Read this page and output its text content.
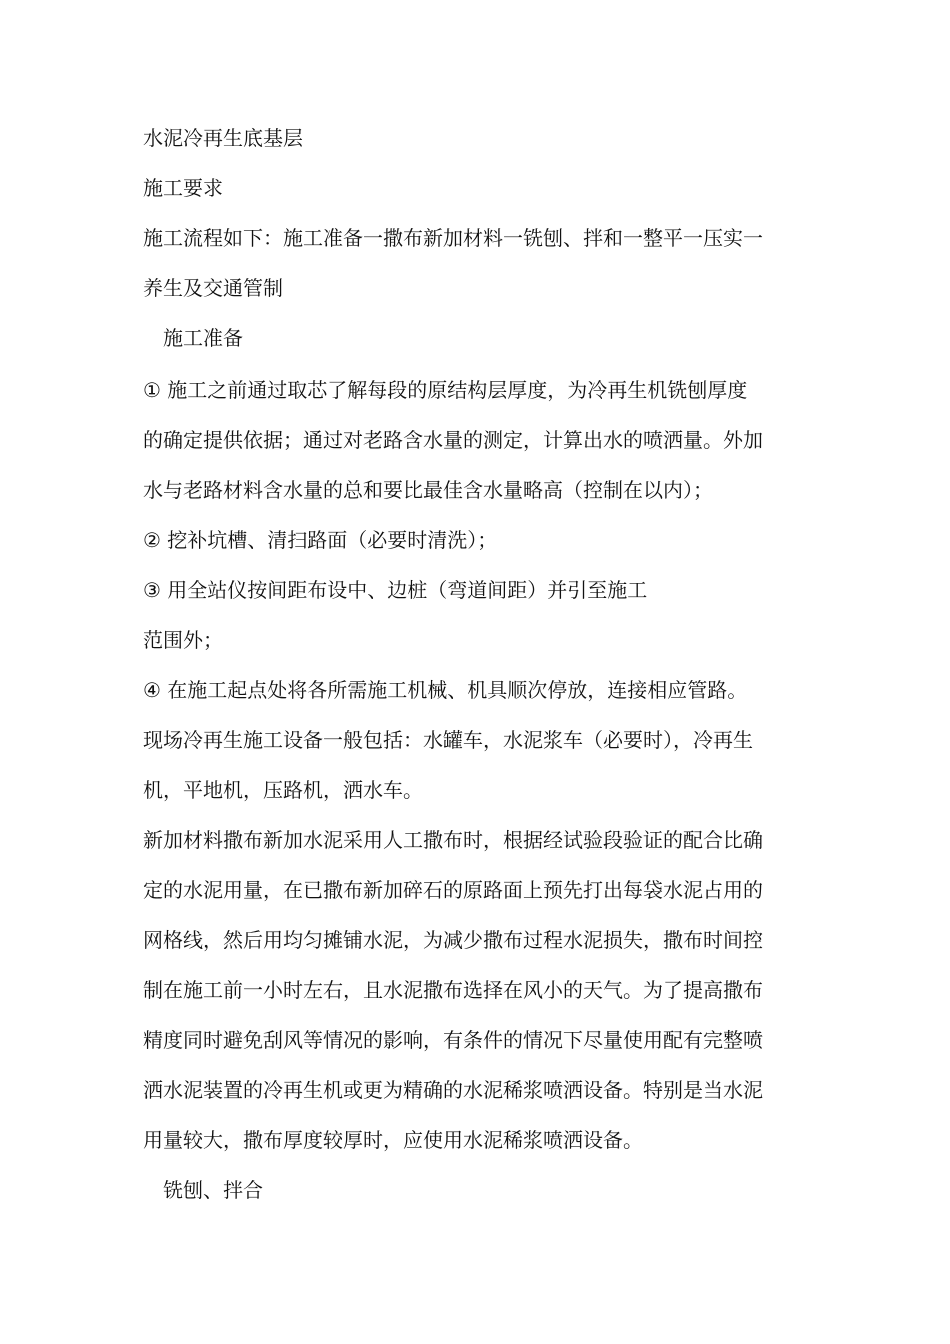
水泥冷再生底基层
施工要求
施工流程如下：施工准备一撒布新加材料一铣刨、拌和一整平一压实一
养生及交通管制
施工准备
① 施工之前通过取芯了解每段的原结构层厚度，为冷再生机铣刨厚度
的确定提供依据；通过对老路含水量的测定，计算出水的喷洒量。外加
水与老路材料含水量的总和要比最佳含水量略高（控制在以内）；
② 挖补坑槽、清扫路面（必要时清洗）；
③ 用全站仪按间距布设中、边桩（弯道间距）并引至施工
范围外；
④ 在施工起点处将各所需施工机械、机具顺次停放，连接相应管路。
现场冷再生施工设备一般包括：水罐车，水泥浆车（必要时），冷再生
机，平地机，压路机，洒水车。
新加材料撒布新加水泥采用人工撒布时，根据经试验段验证的配合比确
定的水泥用量，在已撒布新加碎石的原路面上预先打出每袋水泥占用的
网格线，然后用均匀摊铺水泥，为减少撒布过程水泥损失，撒布时间控
制在施工前一小时左右，且水泥撒布选择在风小的天气。为了提高撒布
精度同时避免刮风等情况的影响，有条件的情况下尽量使用配有完整喷
洒水泥装置的冷再生机或更为精确的水泥稀浆喷洒设备。特别是当水泥
用量较大，撒布厚度较厚时，应使用水泥稀浆喷洒设备。
铣刨、拌合
